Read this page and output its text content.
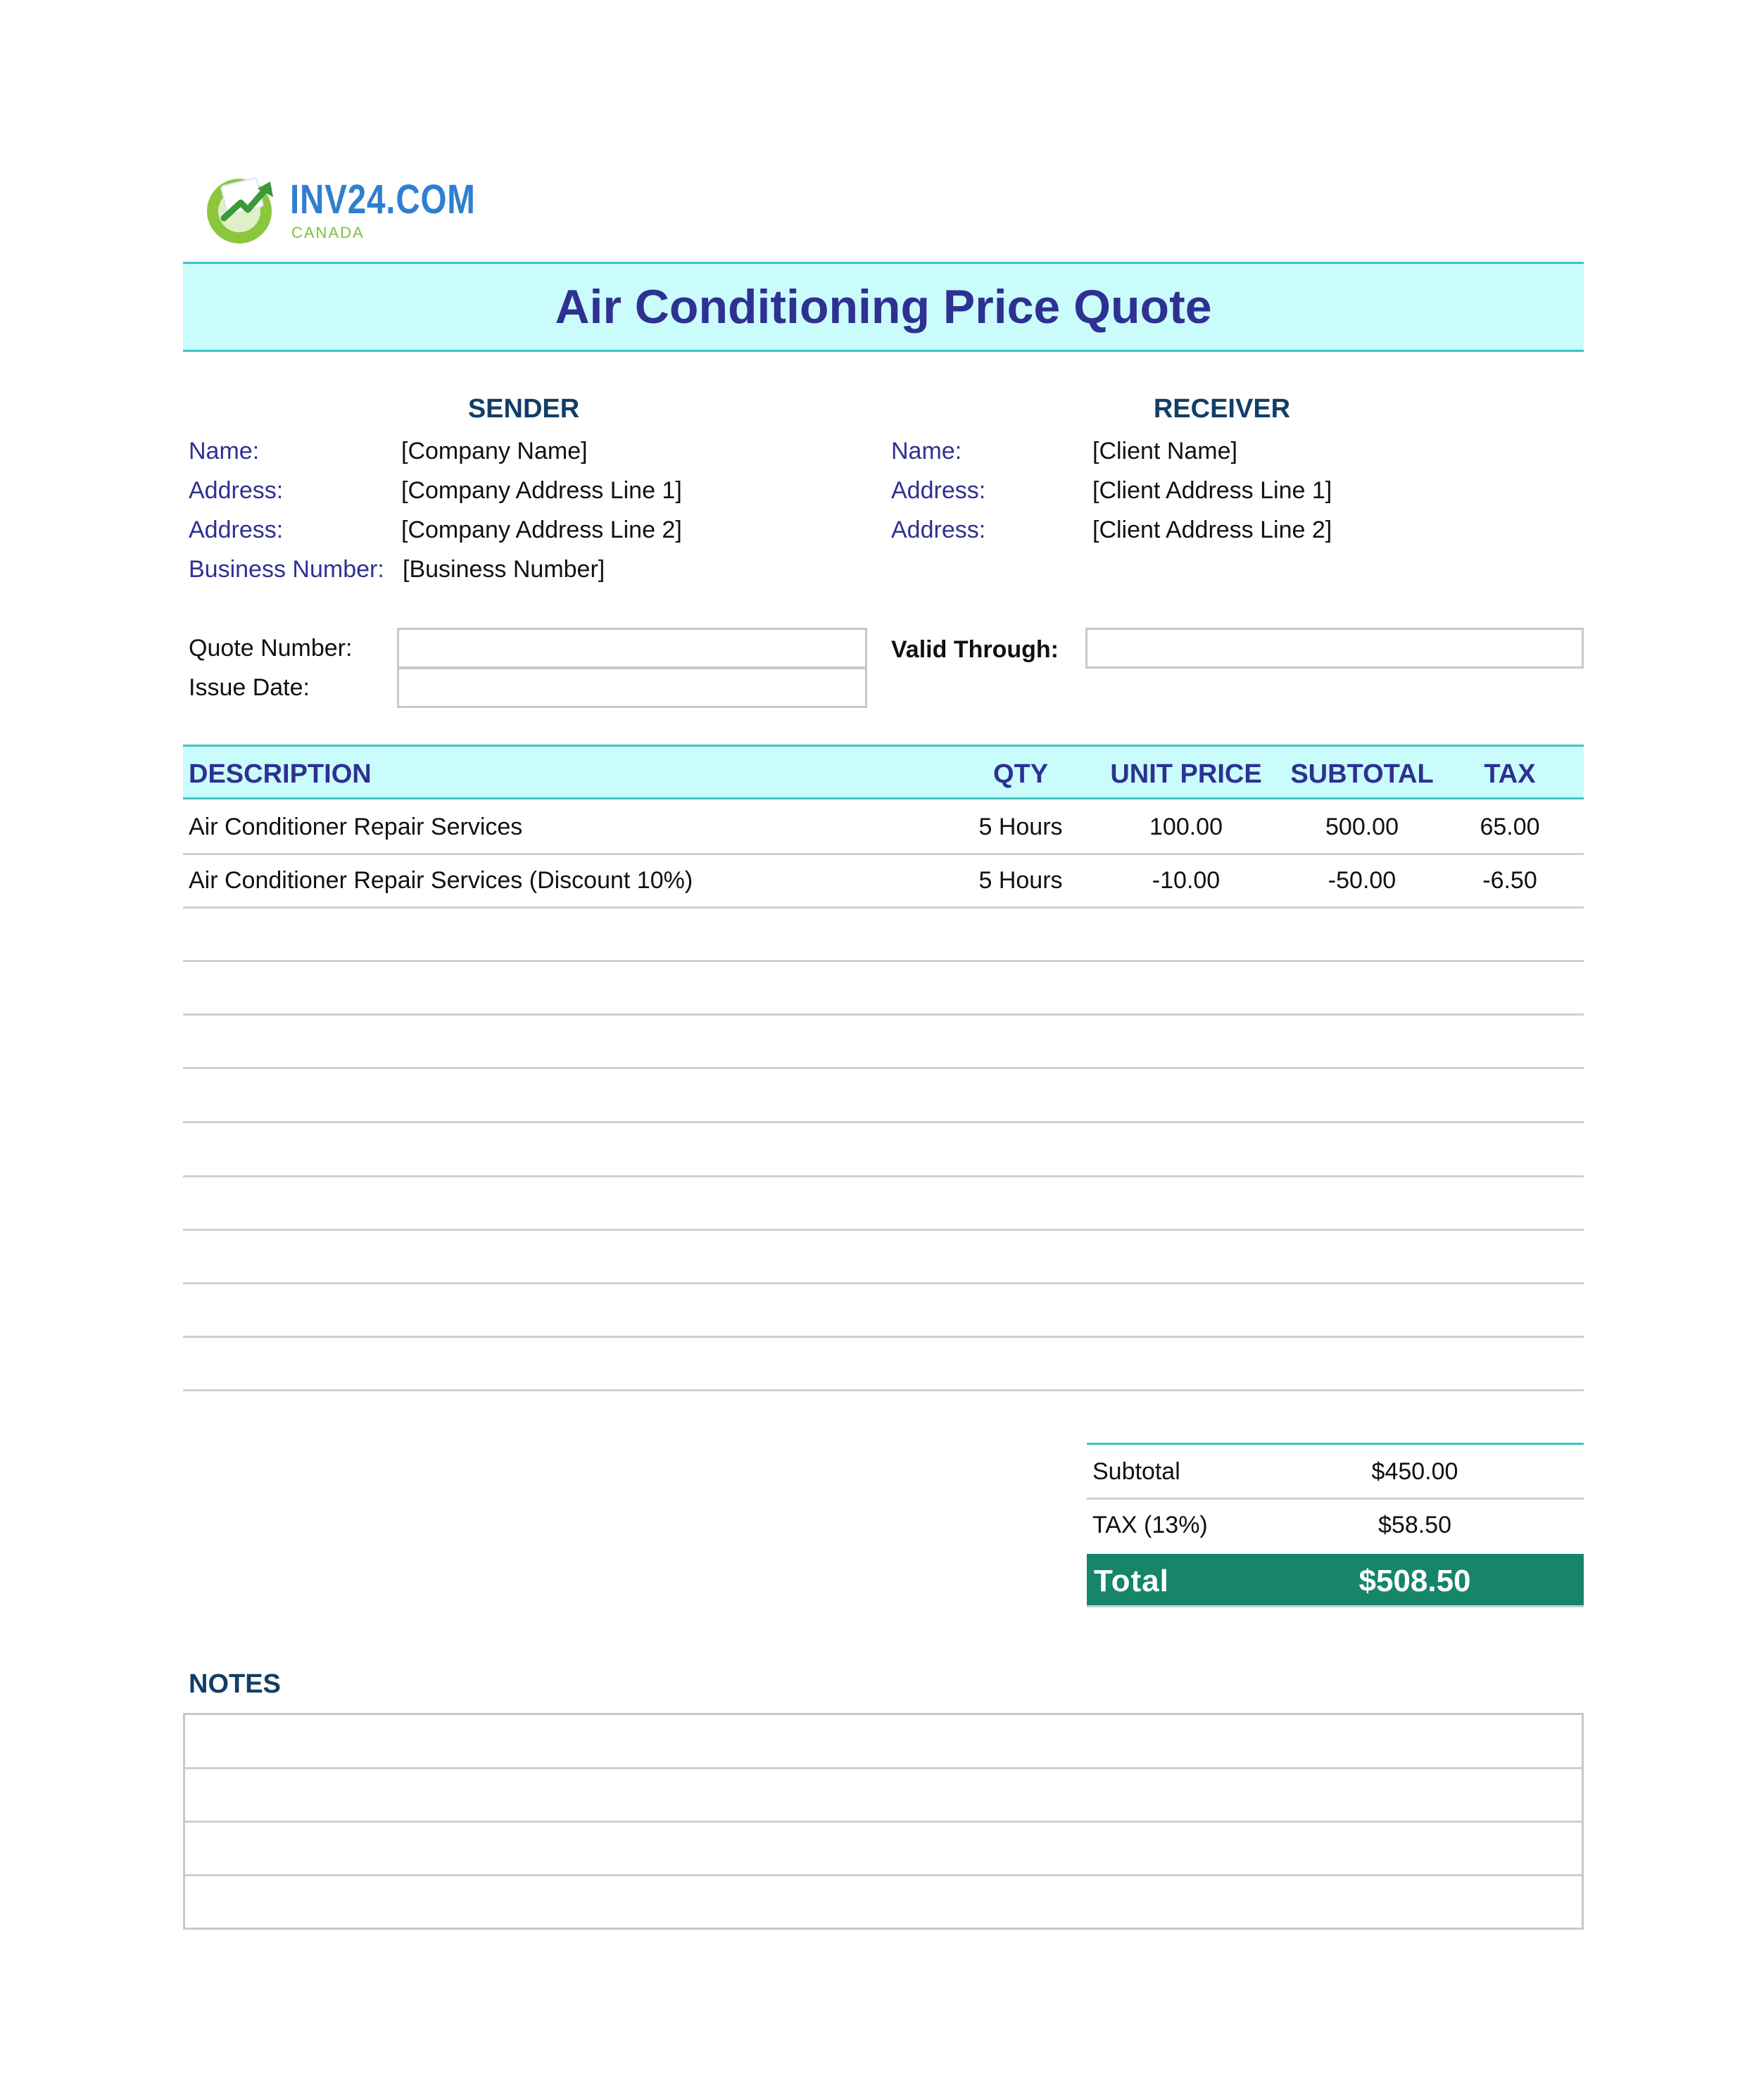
INV24.COM
CANADA
Air Conditioning Price Quote
SENDER
Name:	[Company Name]
Address:	[Company Address Line 1]
Address:	[Company Address Line 2]
Business Number: [Business Number]
RECEIVER
Name:	[Client Name]
Address:	[Client Address Line 1]
Address:	[Client Address Line 2]
Quote Number:
Issue Date:
Valid Through:
DESCRIPTION	QTY	UNIT PRICE	SUBTOTAL	TAX
Air Conditioner Repair Services	5 Hours	100.00	500.00	65.00
Air Conditioner Repair Services (Discount 10%)	5 Hours	-10.00	-50.00	-6.50
Subtotal	$450.00
TAX (13%)	$58.50
Total	$508.50
NOTES
